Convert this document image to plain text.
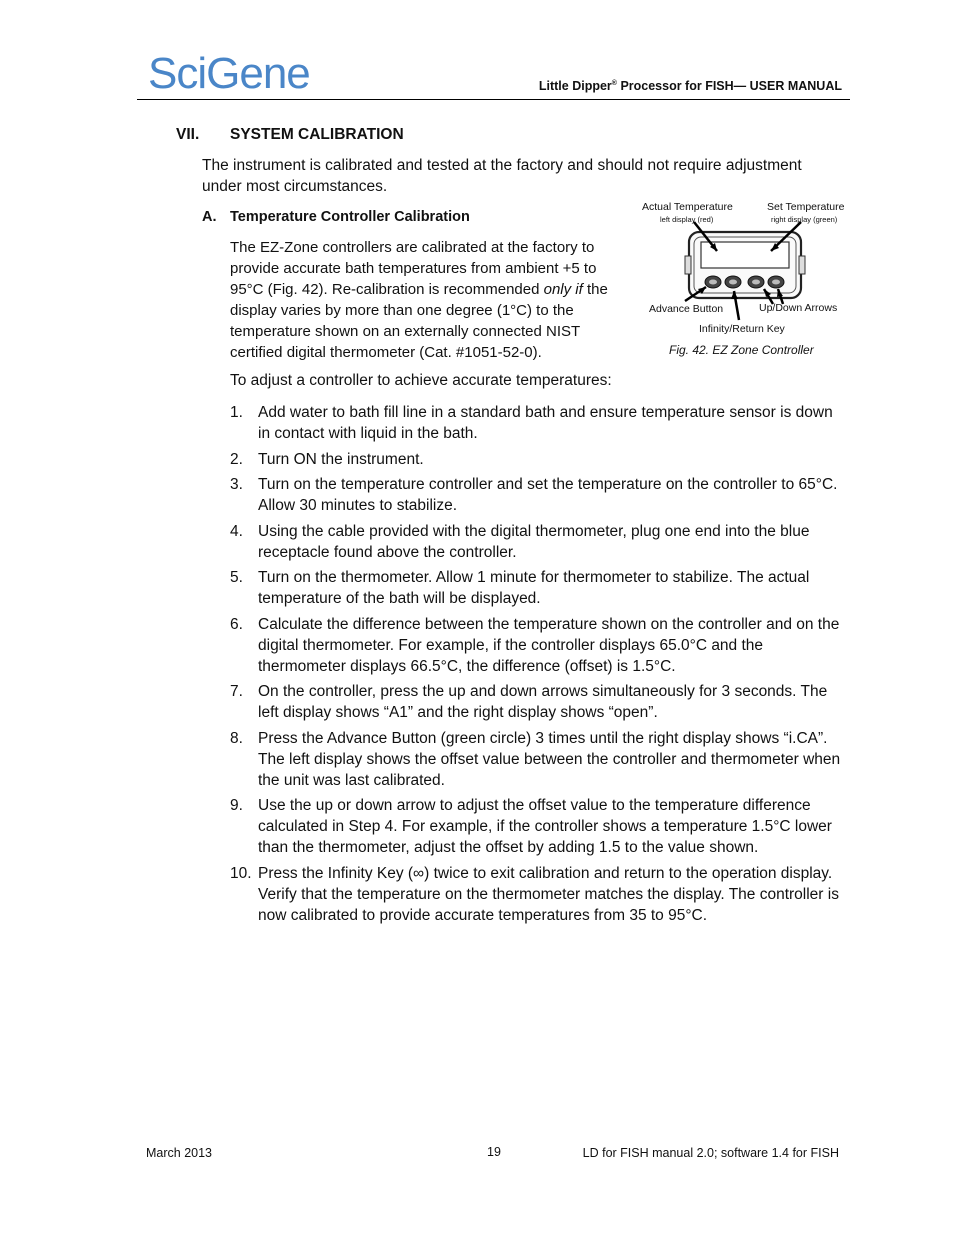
SciGene	Little Dipper® Processor for FISH— USER MANUAL
VII. SYSTEM CALIBRATION

The instrument is calibrated and tested at the factory and should not require adjustment under most circumstances.

A. Temperature Controller Calibration

The EZ-Zone controllers are calibrated at the factory to provide accurate bath temperatures from ambient +5 to 95°C (Fig. 42). Re-calibration is recommended only if the display varies by more than one degree (1°C) to the temperature shown on an externally connected NIST certified digital thermometer (Cat. #1051-52-0).

Actual Temperature
left display (red)
Set Temperature
right display (green)
Advance Button	Up/Down Arrows
Infinity/Return Key
Fig. 42. EZ Zone Controller

To adjust a controller to achieve accurate temperatures:

1. Add water to bath fill line in a standard bath and ensure temperature sensor is down in contact with liquid in the bath.
2. Turn ON the instrument.
3. Turn on the temperature controller and set the temperature on the controller to 65°C. Allow 30 minutes to stabilize.
4. Using the cable provided with the digital thermometer, plug one end into the blue receptacle found above the controller.
5. Turn on the thermometer. Allow 1 minute for thermometer to stabilize. The actual temperature of the bath will be displayed.
6. Calculate the difference between the temperature shown on the controller and on the digital thermometer. For example, if the controller displays 65.0°C and the thermometer displays 66.5°C, the difference (offset) is 1.5°C.
7. On the controller, press the up and down arrows simultaneously for 3 seconds. The left display shows “A1” and the right display shows “open”.
8. Press the Advance Button (green circle) 3 times until the right display shows “i.CA”. The left display shows the offset value between the controller and thermometer when the unit was last calibrated.
9. Use the up or down arrow to adjust the offset value to the temperature difference calculated in Step 4. For example, if the controller shows a temperature 1.5°C lower than the thermometer, adjust the offset by adding 1.5 to the value shown.
10. Press the Infinity Key (∞) twice to exit calibration and return to the operation display. Verify that the temperature on the thermometer matches the display. The controller is now calibrated to provide accurate temperatures from 35 to 95°C.
March 2013	19	LD for FISH manual 2.0; software 1.4 for FISH
